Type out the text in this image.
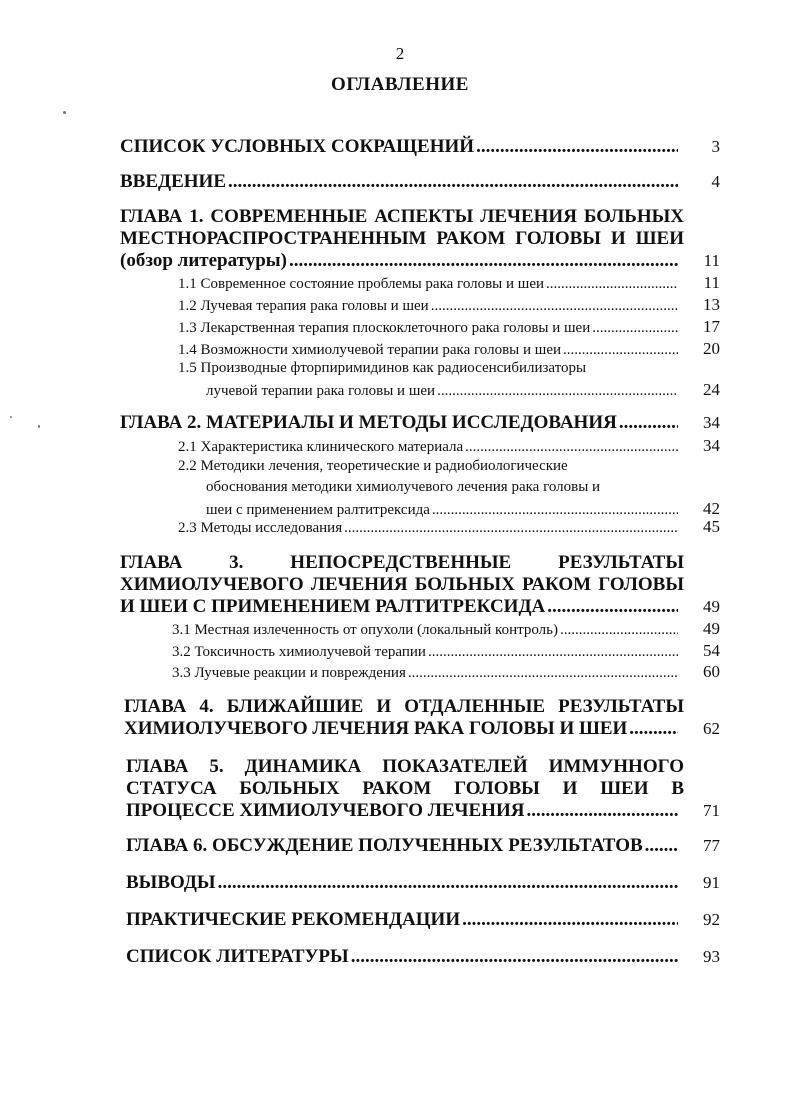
2
ОГЛАВЛЕНИЕ
СПИСОК УСЛОВНЫХ СОКРАЩЕНИЙ .....	3
ВВЕДЕНИЕ .....	4
ГЛАВА 1. СОВРЕМЕННЫЕ АСПЕКТЫ ЛЕЧЕНИЯ БОЛЬНЫХ
МЕСТНОРАСПРОСТРАНЕННЫМ РАКОМ ГОЛОВЫ И ШЕИ
(обзор литературы) .....	11
1.1 Современное состояние проблемы рака головы и шеи .....	11
1.2 Лучевая терапия рака головы и шеи .....	13
1.3 Лекарственная терапия плоскоклеточного рака головы и шеи .....	17
1.4 Возможности химиолучевой терапии рака головы и шеи .....	20
1.5 Производные фторпиримидинов как радиосенсибилизаторы
лучевой терапии рака головы и шеи .....	24
ГЛАВА 2. МАТЕРИАЛЫ И МЕТОДЫ ИССЛЕДОВАНИЯ .....	34
2.1 Характеристика клинического материала .....	34
2.2 Методики лечения, теоретические и радиобиологические
обоснования методики химиолучевого лечения рака головы и
шеи с применением ралтитрексида .....	42
2.3 Методы исследования .....	45
ГЛАВА 3. НЕПОСРЕДСТВЕННЫЕ РЕЗУЛЬТАТЫ
ХИМИОЛУЧЕВОГО ЛЕЧЕНИЯ БОЛЬНЫХ РАКОМ ГОЛОВЫ
И ШЕИ С ПРИМЕНЕНИЕМ РАЛТИТРЕКСИДА .....	49
3.1 Местная излеченность от опухоли (локальный контроль) .....	49
3.2 Токсичность химиолучевой терапии .....	54
3.3 Лучевые реакции и повреждения .....	60
ГЛАВА 4. БЛИЖАЙШИЕ И ОТДАЛЕННЫЕ РЕЗУЛЬТАТЫ
ХИМИОЛУЧЕВОГО ЛЕЧЕНИЯ РАКА ГОЛОВЫ И ШЕИ .....	62
ГЛАВА 5. ДИНАМИКА ПОКАЗАТЕЛЕЙ ИММУННОГО
СТАТУСА БОЛЬНЫХ РАКОМ ГОЛОВЫ И ШЕИ В
ПРОЦЕССЕ ХИМИОЛУЧЕВОГО ЛЕЧЕНИЯ .....	71
ГЛАВА 6. ОБСУЖДЕНИЕ ПОЛУЧЕННЫХ РЕЗУЛЬТАТОВ .....	77
ВЫВОДЫ .....	91
ПРАКТИЧЕСКИЕ РЕКОМЕНДАЦИИ .....	92
СПИСОК ЛИТЕРАТУРЫ .....	93
